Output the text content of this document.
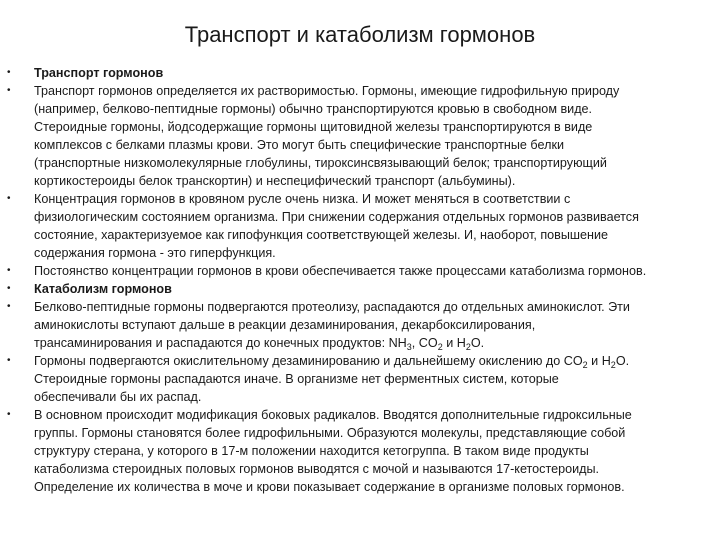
Транспорт и катаболизм гормонов
• Транспорт гормонов
• Транспорт гормонов определяется их растворимостью. Гормоны, имеющие гидрофильную природу
(например, белково-пептидные гормоны) обычно транспортируются кровью в свободном виде.
Стероидные гормоны, йодсодержащие гормоны щитовидной железы транспортируются в виде
комплексов с белками плазмы крови. Это могут быть специфические транспортные белки
(транспортные низкомолекулярные глобулины, тироксинсвязывающий белок; транспортирующий
кортикостероиды белок транскортин) и неспецифический транспорт (альбумины).
• Концентрация гормонов в кровяном русле очень низка. И может меняться в соответствии с
физиологическим состоянием организма. При снижении содержания отдельных гормонов развивается
состояние, характеризуемое как гипофункция соответствующей железы. И, наоборот, повышение
содержания гормона - это гиперфункция.
• Постоянство концентрации гормонов в крови обеспечивается также процессами катаболизма гормонов.
• Катаболизм гормонов
• Белково-пептидные гормоны подвергаются протеолизу, распадаются до отдельных аминокислот. Эти
аминокислоты вступают дальше в реакции дезаминирования, декарбоксилирования,
трансаминирования и распадаются до конечных продуктов: $NH_3$, $CO_2$ и $Н_2О$.
• Гормоны подвергаются окислительному дезаминированию и дальнейшему окислению до $CO_2$ и $Н_2О$.
Стероидные гормоны распадаются иначе. В организме нет ферментных систем, которые
обеспечивали бы их распад.
• В основном происходит модификация боковых радикалов. Вводятся дополнительные гидроксильные
группы. Гормоны становятся более гидрофильными. Образуются молекулы, представляющие собой
структуру стерана, у которого в 17-м положении находится кетогруппа. В таком виде продукты
катаболизма стероидных половых гормонов выводятся с мочой и называются 17-кетостероиды.
Определение их количества в моче и крови показывает содержание в организме половых гормонов.
